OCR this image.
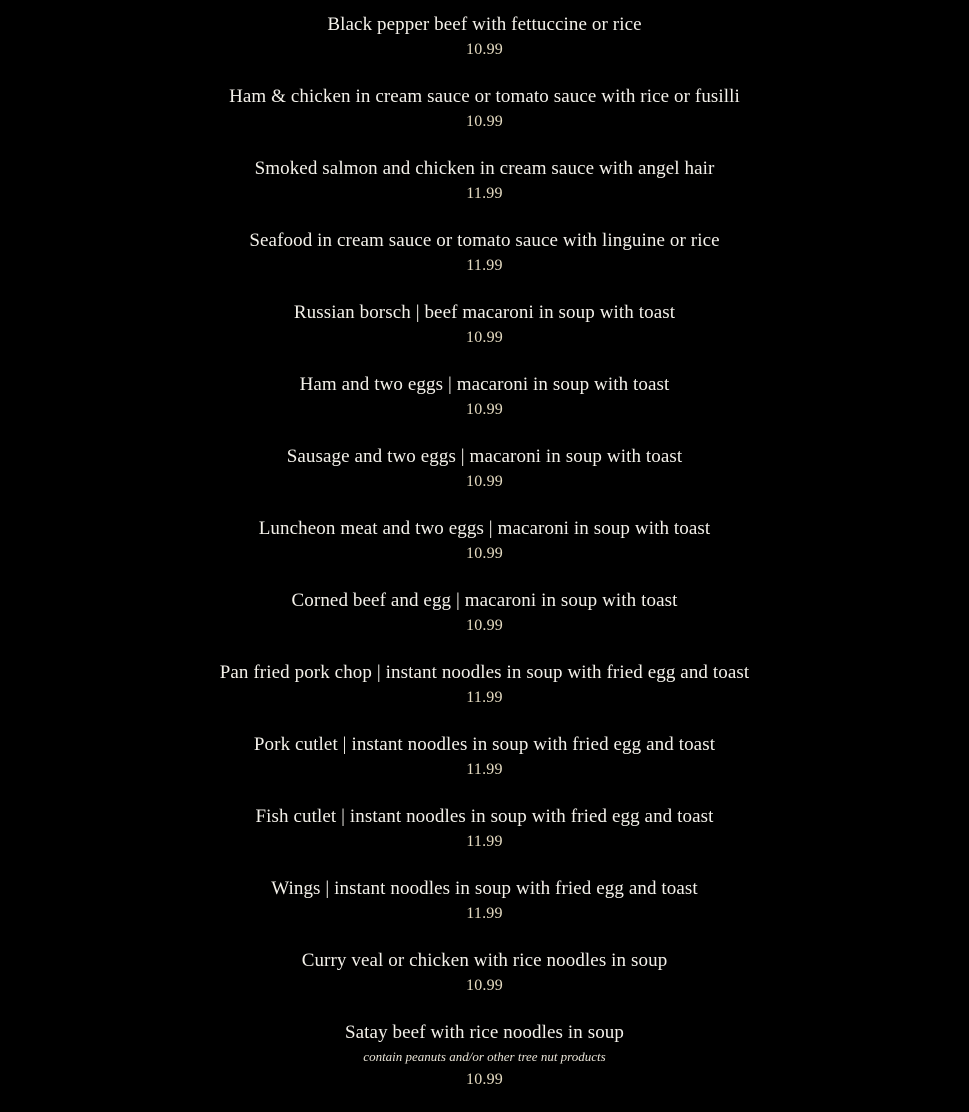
Black pepper beef with fettuccine or rice
10.99
Ham & chicken in cream sauce or tomato sauce with rice or fusilli
10.99
Smoked salmon and chicken in cream sauce with angel hair
11.99
Seafood in cream sauce or tomato sauce with linguine or rice
11.99
Russian borsch | beef macaroni in soup with toast
10.99
Ham and two eggs | macaroni in soup with toast
10.99
Sausage and two eggs | macaroni in soup with toast
10.99
Luncheon meat and two eggs | macaroni in soup with toast
10.99
Corned beef and egg | macaroni in soup with toast
10.99
Pan fried pork chop | instant noodles in soup with fried egg and toast
11.99
Pork cutlet | instant noodles in soup with fried egg and toast
11.99
Fish cutlet | instant noodles in soup with fried egg and toast
11.99
Wings | instant noodles in soup with fried egg and toast
11.99
Curry veal or chicken with rice noodles in soup
10.99
Satay beef with rice noodles in soup
contain peanuts and/or other tree nut products
10.99
